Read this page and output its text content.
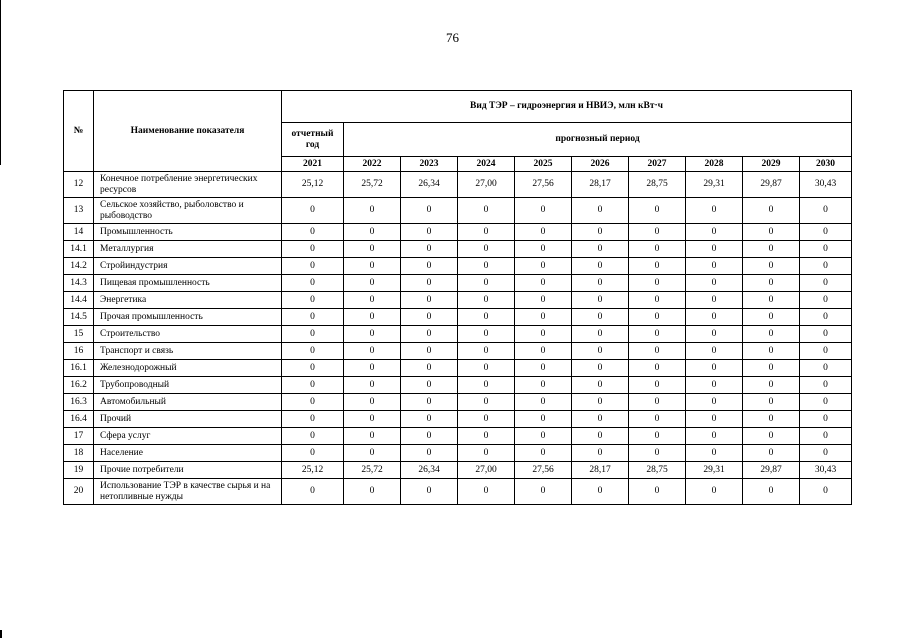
76
№	Наименование показателя	Вид ТЭР – гидроэнергия и НВИЭ, млн кВт·ч									
		отчетный год	прогнозный период								
		2021	2022	2023	2024	2025	2026	2027	2028	2029	2030
12	Конечное потребление энергетических ресурсов	25,12	25,72	26,34	27,00	27,56	28,17	28,75	29,31	29,87	30,43
13	Сельское хозяйство, рыболовство и рыбоводство	0	0	0	0	0	0	0	0	0	0
14	Промышленность	0	0	0	0	0	0	0	0	0	0
14.1	Металлургия	0	0	0	0	0	0	0	0	0	0
14.2	Стройиндустрия	0	0	0	0	0	0	0	0	0	0
14.3	Пищевая промышленность	0	0	0	0	0	0	0	0	0	0
14.4	Энергетика	0	0	0	0	0	0	0	0	0	0
14.5	Прочая промышленность	0	0	0	0	0	0	0	0	0	0
15	Строительство	0	0	0	0	0	0	0	0	0	0
16	Транспорт и связь	0	0	0	0	0	0	0	0	0	0
16.1	Железнодорожный	0	0	0	0	0	0	0	0	0	0
16.2	Трубопроводный	0	0	0	0	0	0	0	0	0	0
16.3	Автомобильный	0	0	0	0	0	0	0	0	0	0
16.4	Прочий	0	0	0	0	0	0	0	0	0	0
17	Сфера услуг	0	0	0	0	0	0	0	0	0	0
18	Население	0	0	0	0	0	0	0	0	0	0
19	Прочие потребители	25,12	25,72	26,34	27,00	27,56	28,17	28,75	29,31	29,87	30,43
20	Использование ТЭР в качестве сырья и на нетопливные нужды	0	0	0	0	0	0	0	0	0	0
